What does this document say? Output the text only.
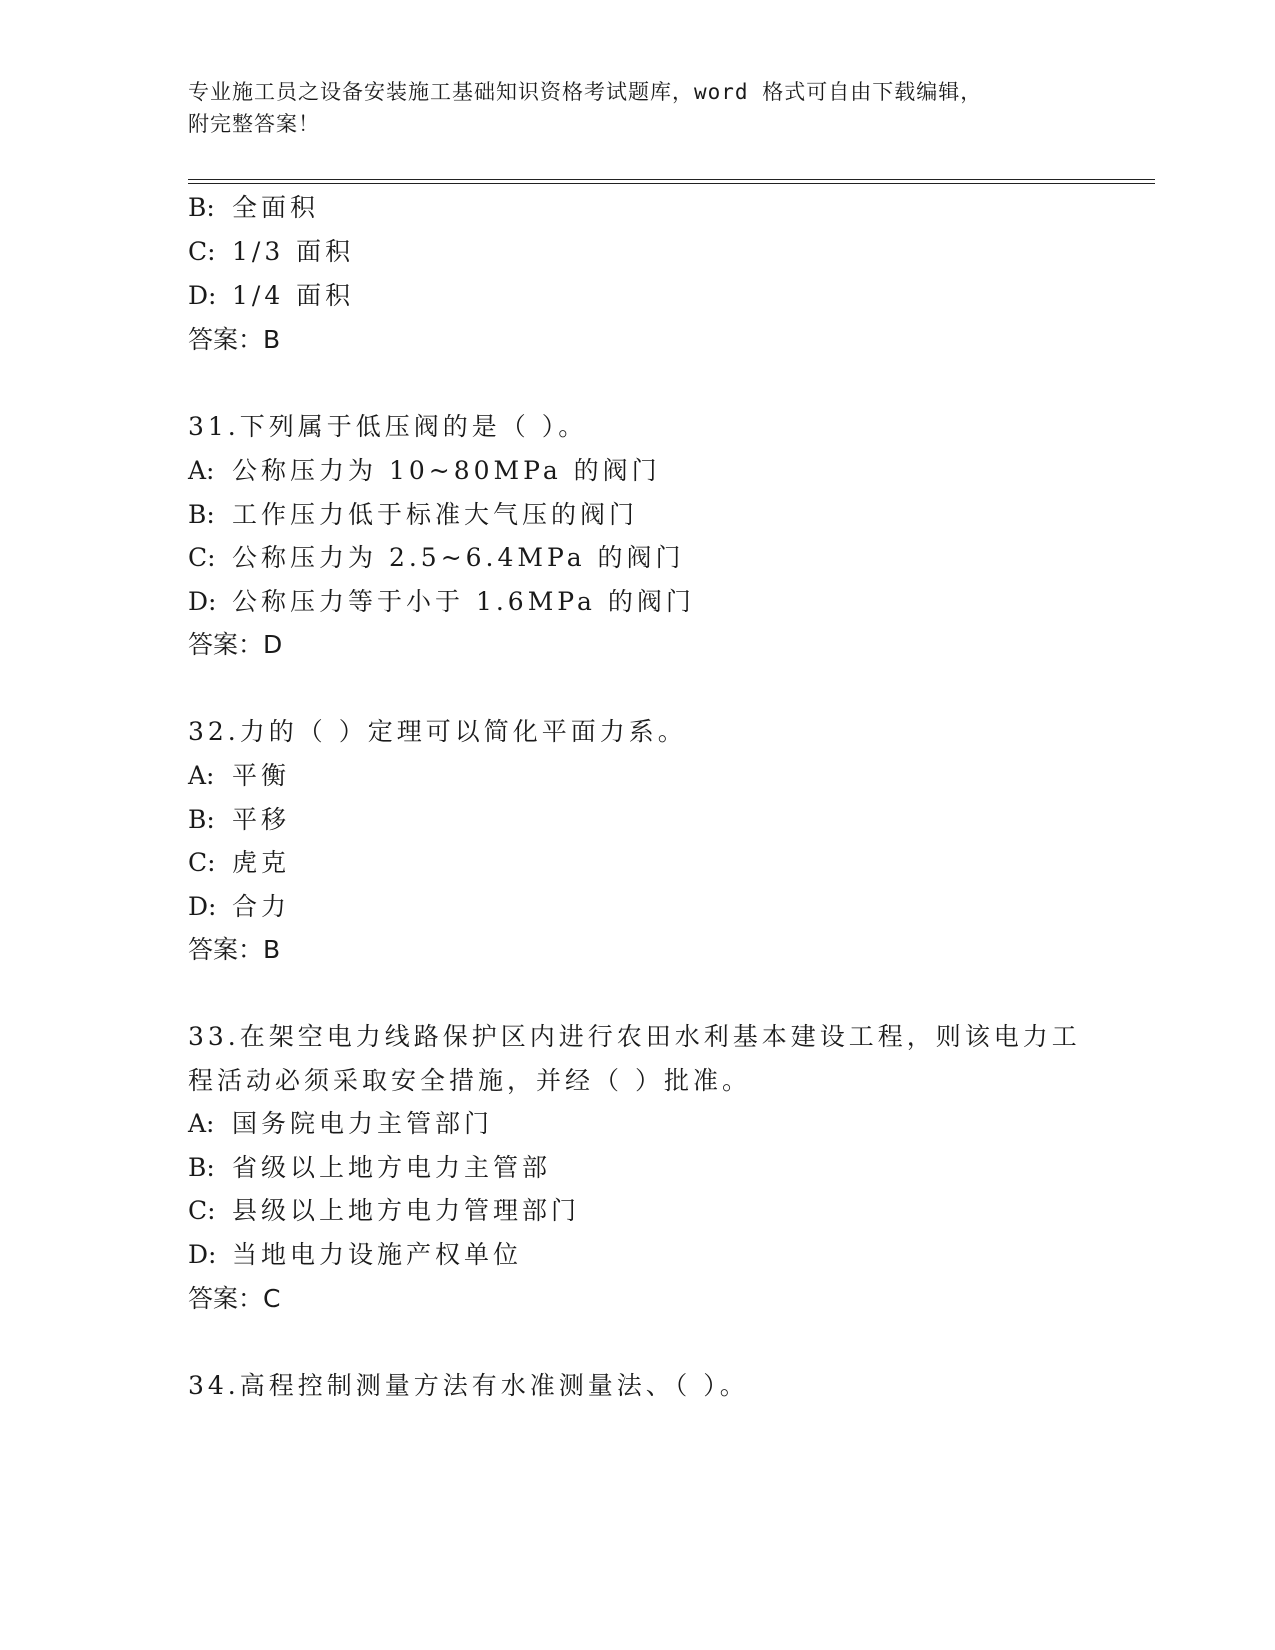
专业施工员之设备安装施工基础知识资格考试题库，word 格式可自由下载编辑，
附完整答案！
B: 全面积
C: 1/3 面积
D: 1/4 面积
答案：B
31.下列属于低压阀的是（ ）。
A: 公称压力为 10~80MPa 的阀门
B: 工作压力低于标准大气压的阀门
C: 公称压力为 2.5~6.4MPa 的阀门
D: 公称压力等于小于 1.6MPa 的阀门
答案：D
32.力的（ ）定理可以简化平面力系。
A: 平衡
B: 平移
C: 虎克
D: 合力
答案：B
33.在架空电力线路保护区内进行农田水利基本建设工程，则该电力工
程活动必须采取安全措施，并经（ ）批准。
A: 国务院电力主管部门
B: 省级以上地方电力主管部
C: 县级以上地方电力管理部门
D: 当地电力设施产权单位
答案：C
34.高程控制测量方法有水准测量法、（ ）。
